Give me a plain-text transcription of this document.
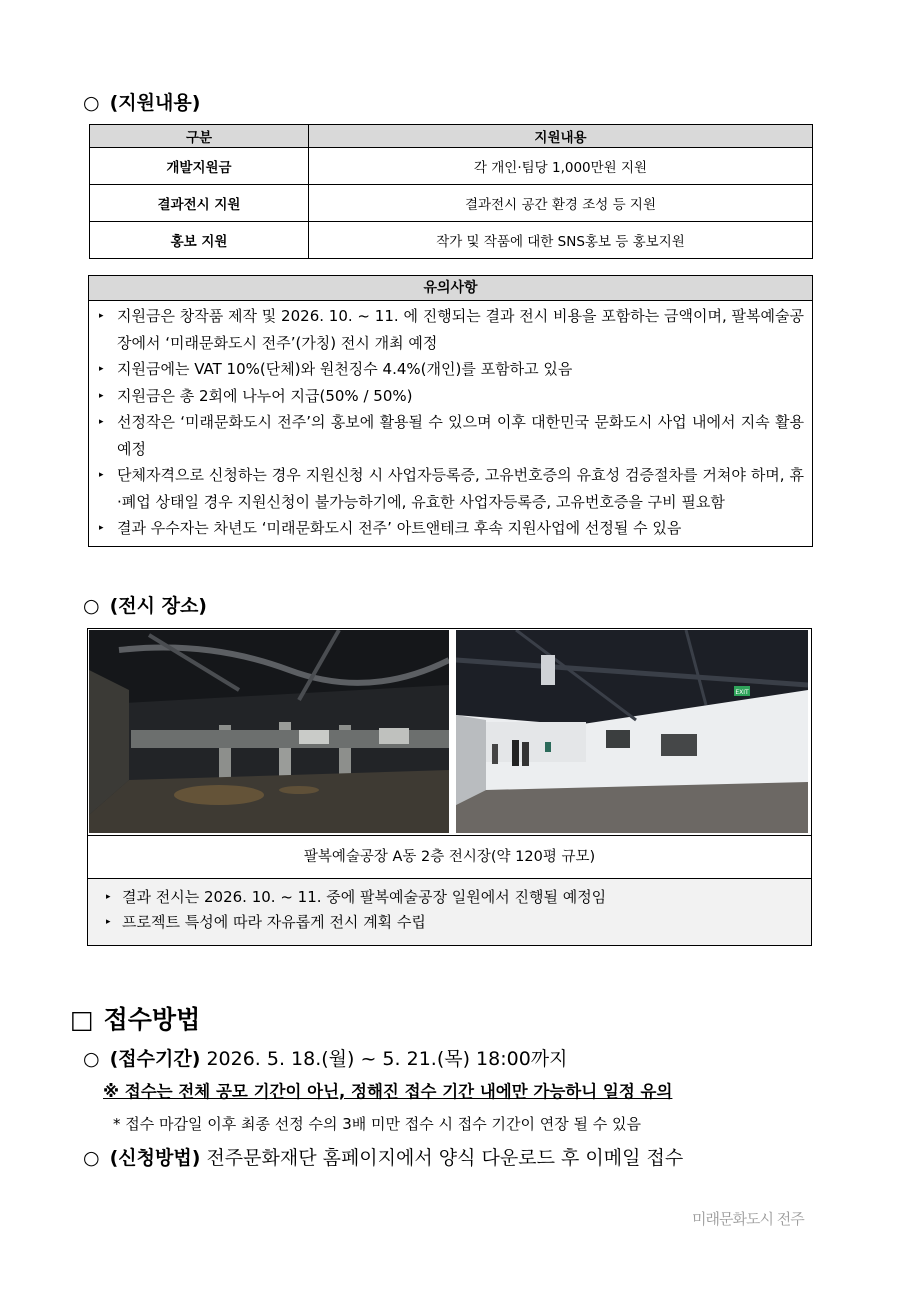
○ (지원내용)
구분	지원내용
개발지원금	각 개인·팀당 1,000만원 지원
결과전시 지원	결과전시 공간 환경 조성 등 지원
홍보 지원	작가 및 작품에 대한 SNS홍보 등 홍보지원
유의사항
▸ 지원금은 창작품 제작 및 2026. 10. ~ 11. 에 진행되는 결과 전시 비용을 포함하는 금액이며, 팔복예술공장에서 ‘미래문화도시 전주’(가칭) 전시 개최 예정
▸ 지원금에는 VAT 10%(단체)와 원천징수 4.4%(개인)를 포함하고 있음
▸ 지원금은 총 2회에 나누어 지급(50% / 50%)
▸ 선정작은 ‘미래문화도시 전주’의 홍보에 활용될 수 있으며 이후 대한민국 문화도시 사업 내에서 지속 활용 예정
▸ 단체자격으로 신청하는 경우 지원신청 시 사업자등록증, 고유번호증의 유효성 검증절차를 거쳐야 하며, 휴·폐업 상태일 경우 지원신청이 불가능하기에, 유효한 사업자등록증, 고유번호증을 구비 필요함
▸ 결과 우수자는 차년도 ‘미래문화도시 전주’ 아트앤테크 후속 지원사업에 선정될 수 있음
○ (전시 장소)
EXIT
팔복예술공장 A동 2층 전시장(약 120평 규모)
▸ 결과 전시는 2026. 10. ~ 11. 중에 팔복예술공장 일원에서 진행될 예정임
▸ 프로젝트 특성에 따라 자유롭게 전시 계획 수립
□ 접수방법
○ (접수기간) 2026. 5. 18.(월) ~ 5. 21.(목) 18:00까지
※ 접수는 전체 공모 기간이 아닌, 정해진 접수 기간 내에만 가능하니 일정 유의
* 접수 마감일 이후 최종 선정 수의 3배 미만 접수 시 접수 기간이 연장 될 수 있음
○ (신청방법) 전주문화재단 홈페이지에서 양식 다운로드 후 이메일 접수
미래문화도시 전주
